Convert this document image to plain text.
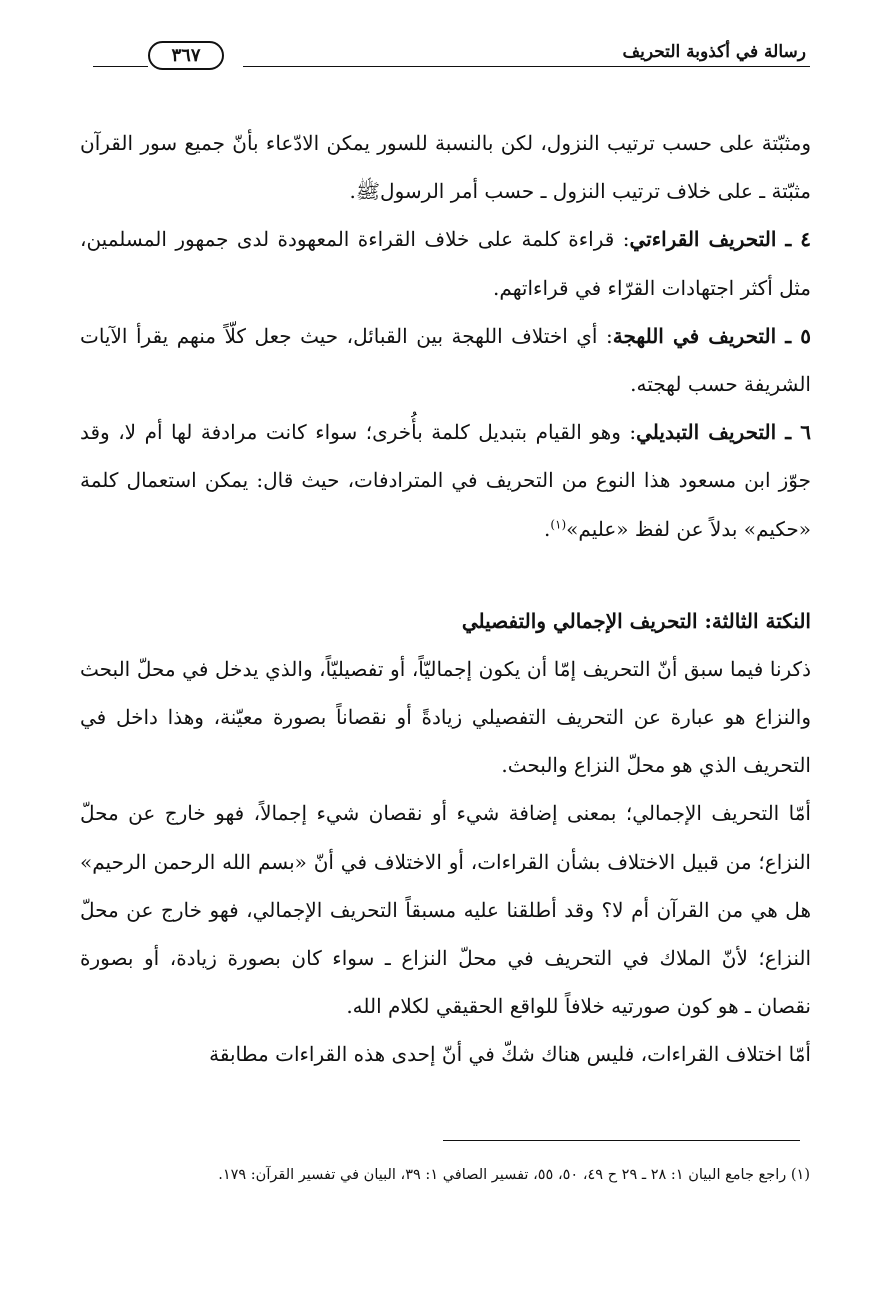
رسالة في أكذوبة التحريف
٣٦٧

ومثبّتة على حسب ترتيب النزول، لكن بالنسبة للسور يمكن الادّعاء بأنّ جميع سور القرآن مثبّتة ـ على خلاف ترتيب النزول ـ حسب أمر الرسولﷺ.

٤ ـ التحريف القراءتي: قراءة كلمة على خلاف القراءة المعهودة لدى جمهور المسلمين، مثل أكثر اجتهادات القرّاء في قراءاتهم.

٥ ـ التحريف في اللهجة: أي اختلاف اللهجة بين القبائل، حيث جعل كلّاً منهم يقرأ الآيات الشريفة حسب لهجته.

٦ ـ التحريف التبديلي: وهو القيام بتبديل كلمة بأُخرى؛ سواء كانت مرادفة لها أم لا، وقد جوّز ابن مسعود هذا النوع من التحريف في المترادفات، حيث قال: يمكن استعمال كلمة «حكيم» بدلاً عن لفظ «عليم»$^{(١)}$.

النكتة الثالثة: التحريف الإجمالي والتفصيلي

ذكرنا فيما سبق أنّ التحريف إمّا أن يكون إجماليّاً، أو تفصيليّاً، والذي يدخل في محلّ البحث والنزاع هو عبارة عن التحريف التفصيلي زيادةً أو نقصاناً بصورة معيّنة، وهذا داخل في التحريف الذي هو محلّ النزاع والبحث.

أمّا التحريف الإجمالي؛ بمعنى إضافة شيء أو نقصان شيء إجمالاً، فهو خارج عن محلّ النزاع؛ من قبيل الاختلاف بشأن القراءات، أو الاختلاف في أنّ «بسم الله الرحمن الرحيم» هل هي من القرآن أم لا؟ وقد أطلقنا عليه مسبقاً التحريف الإجمالي، فهو خارج عن محلّ النزاع؛ لأنّ الملاك في التحريف في محلّ النزاع ـ سواء كان بصورة زيادة، أو بصورة نقصان ـ هو كون صورتيه خلافاً للواقع الحقيقي لكلام الله.

أمّا اختلاف القراءات، فليس هناك شكّ في أنّ إحدى هذه القراءات مطابقة

(١) راجع جامع البيان ١: ٢٨ ـ ٢٩ ح ٤٩، ٥٠، ٥٥، تفسير الصافي ١: ٣٩، البيان في تفسير القرآن: ١٧٩.
